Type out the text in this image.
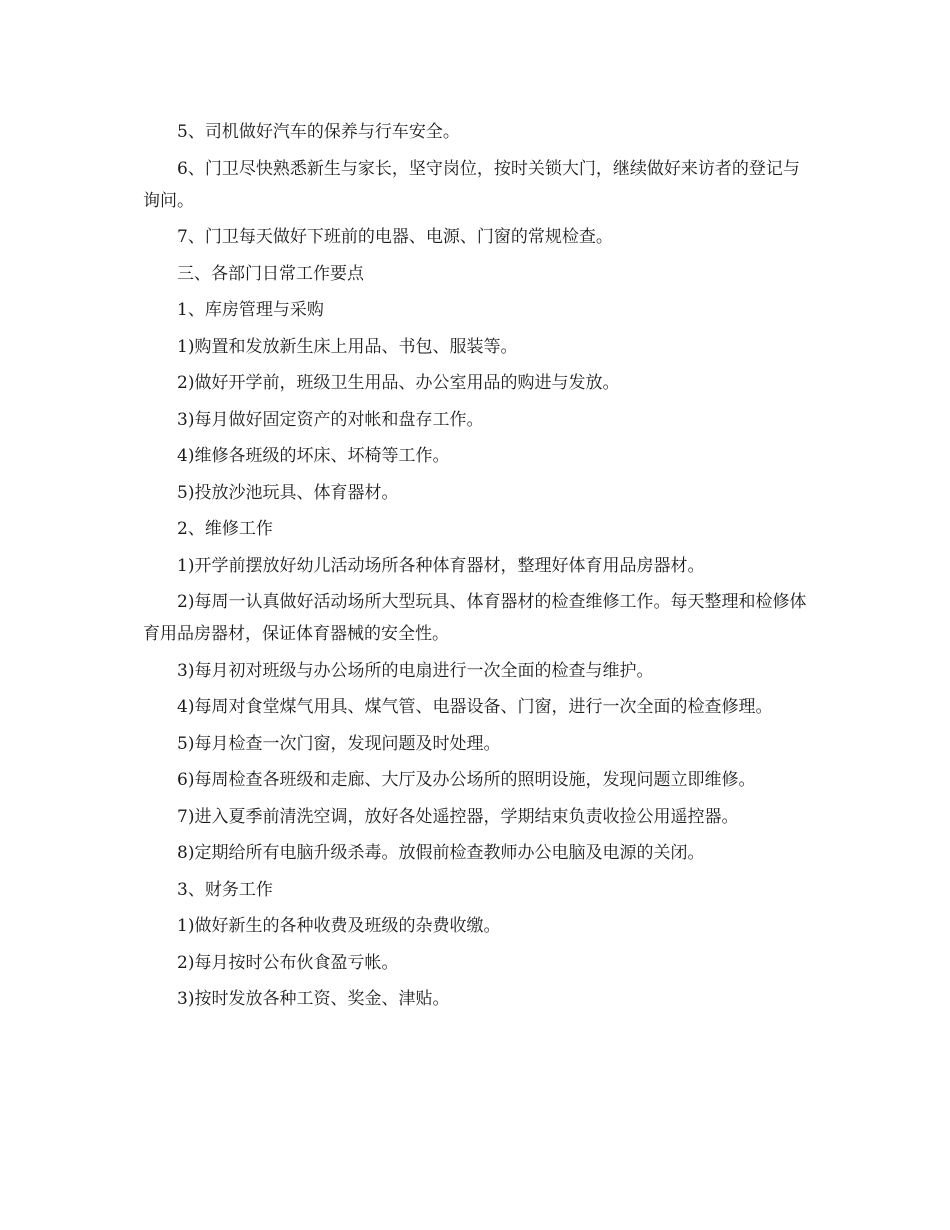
5、司机做好汽车的保养与行车安全。

6、门卫尽快熟悉新生与家长，坚守岗位，按时关锁大门，继续做好来访者的登记与询问。

7、门卫每天做好下班前的电器、电源、门窗的常规检查。

三、各部门日常工作要点

1、库房管理与采购

1)购置和发放新生床上用品、书包、服装等。

2)做好开学前，班级卫生用品、办公室用品的购进与发放。

3)每月做好固定资产的对帐和盘存工作。

4)维修各班级的坏床、坏椅等工作。

5)投放沙池玩具、体育器材。

2、维修工作

1)开学前摆放好幼儿活动场所各种体育器材，整理好体育用品房器材。

2)每周一认真做好活动场所大型玩具、体育器材的检查维修工作。每天整理和检修体育用品房器材，保证体育器械的安全性。

3)每月初对班级与办公场所的电扇进行一次全面的检查与维护。

4)每周对食堂煤气用具、煤气管、电器设备、门窗，进行一次全面的检查修理。

5)每月检查一次门窗，发现问题及时处理。

6)每周检查各班级和走廊、大厅及办公场所的照明设施，发现问题立即维修。

7)进入夏季前清洗空调，放好各处遥控器，学期结束负责收捡公用遥控器。

8)定期给所有电脑升级杀毒。放假前检查教师办公电脑及电源的关闭。

3、财务工作

1)做好新生的各种收费及班级的杂费收缴。

2)每月按时公布伙食盈亏帐。

3)按时发放各种工资、奖金、津贴。
